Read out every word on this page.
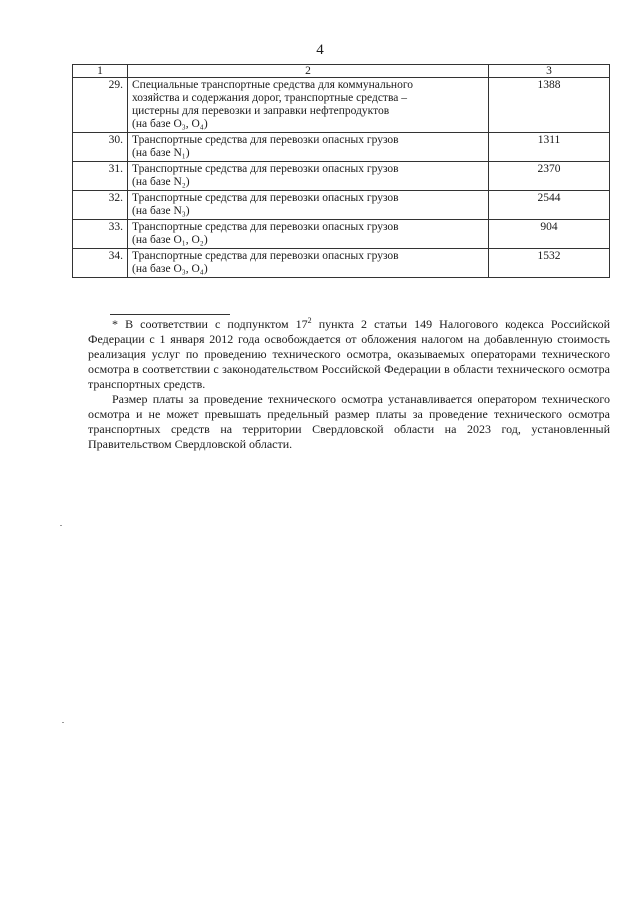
4
1	2	3
29.	Специальные транспортные средства для коммунального
хозяйства и содержания дорог, транспортные средства –
цистерны для перевозки и заправки нефтепродуктов
(на базе O₃, O₄)	1388
30.	Транспортные средства для перевозки опасных грузов
(на базе N₁)	1311
31.	Транспортные средства для перевозки опасных грузов
(на базе N₂)	2370
32.	Транспортные средства для перевозки опасных грузов
(на базе N₃)	2544
33.	Транспортные средства для перевозки опасных грузов
(на базе O₁, O₂)	904
34.	Транспортные средства для перевозки опасных грузов
(на базе O₃, O₄)	1532

* В соответствии с подпунктом $17^2$ пункта 2 статьи 149 Налогового кодекса Российской Федерации с 1 января 2012 года освобождается от обложения налогом на добавленную стоимость реализация услуг по проведению технического осмотра, оказываемых операторами технического осмотра в соответствии с законодательством Российской Федерации в области технического осмотра транспортных средств.

Размер платы за проведение технического осмотра устанавливается оператором технического осмотра и не может превышать предельный размер платы за проведение технического осмотра транспортных средств на территории Свердловской области на 2023 год, установленный Правительством Свердловской области.
